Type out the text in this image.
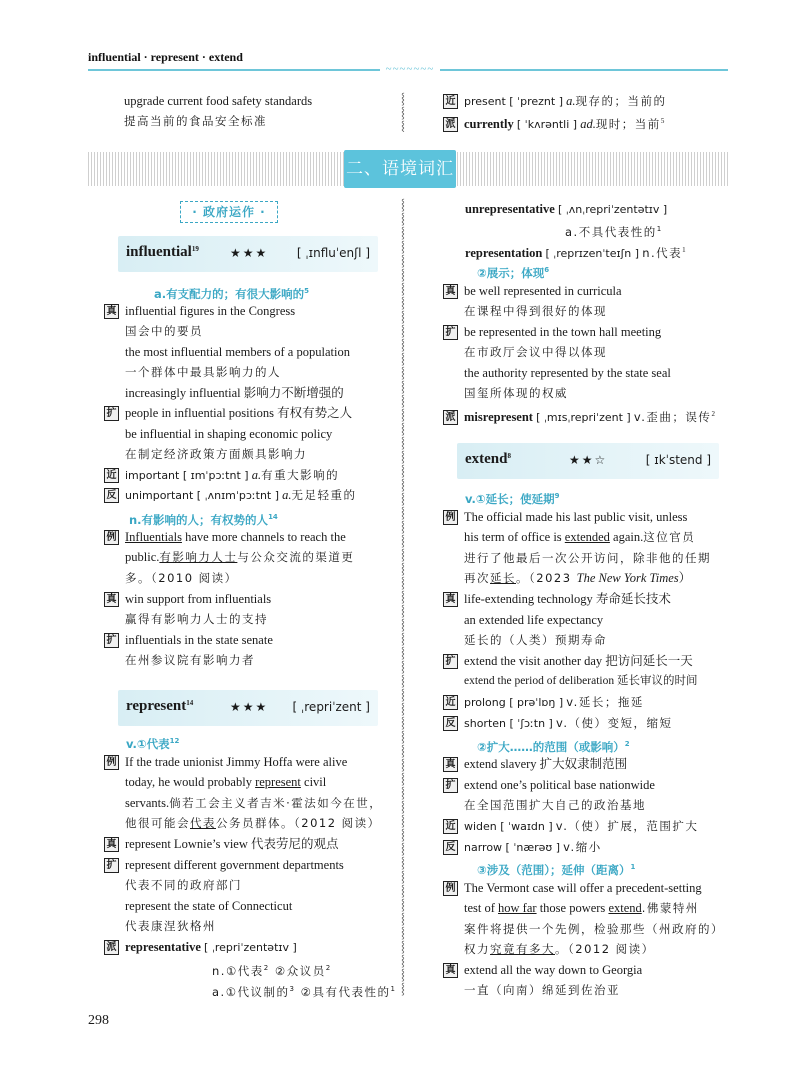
influential · represent · extend
~~~~~~~
upgrade current food safety standards
提高当前的食品安全标准
近 present [ ˈpreznt ] a.现存的；当前的
派 currently [ ˈkʌrəntli ] ad.现时；当前$^5$
⸾
⸾
⸾
二、语境词汇
⸾
⸾
⸾
⸾
⸾
⸾
⸾
⸾
⸾
⸾
⸾
⸾
⸾
⸾
⸾
⸾
⸾
⸾
⸾
⸾
⸾
⸾
⸾
⸾
⸾
⸾
⸾
⸾
⸾
⸾
⸾
⸾
⸾
⸾
⸾
⸾
⸾
⸾
⸾
⸾
⸾
⸾
⸾
⸾
⸾
⸾
⸾
⸾
⸾
⸾
⸾
⸾
⸾
⸾
⸾
⸾
⸾
· 政府运作 ·
influential$^{19}$	★★★ [ ˌɪnfluˈenʃl ]
a.有支配力的；有很大影响的$^5$
真 influential figures in the Congress
国会中的要员
the most influential members of a population
一个群体中最具影响力的人
increasingly influential 影响力不断增强的
扩 people in influential positions 有权有势之人
be influential in shaping economic policy
在制定经济政策方面颇具影响力
近 important [ ɪmˈpɔːtnt ] a.有重大影响的
反 unimportant [ ˌʌnɪmˈpɔːtnt ] a.无足轻重的
n.有影响的人；有权势的人$^{14}$
例 Influentials have more channels to reach the
public.有影响力人士与公众交流的渠道更
多。（2010 阅读）
真 win support from influentials
赢得有影响力人士的支持
扩 influentials in the state senate
在州参议院有影响力者
represent$^{14}$	★★★ [ ˌrepriˈzent ]
v.①代表$^{12}$
例 If the trade unionist Jimmy Hoffa were alive
today, he would probably represent civil
servants.倘若工会主义者吉米·霍法如今在世，
他很可能会代表公务员群体。（2012 阅读）
真 represent Lownie’s view 代表劳尼的观点
扩 represent different government departments
代表不同的政府部门
represent the state of Connecticut
代表康涅狄格州
派 representative [ ˌrepriˈzentətɪv ]
n.①代表$^2$ ②众议员$^2$
a.①代议制的$^3$ ②具有代表性的$^1$
unrepresentative [ ˌʌnˌrepriˈzentətɪv ]
a.不具代表性的$^1$
representation [ ˌreprɪzenˈteɪʃn ] n.代表$^1$
②展示；体现$^6$
真 be well represented in curricula
在课程中得到很好的体现
扩 be represented in the town hall meeting
在市政厅会议中得以体现
the authority represented by the state seal
国玺所体现的权威
派 misrepresent [ ˌmɪsˌrepriˈzent ] v.歪曲；误传$^2$
extend$^8$	★★☆	[ ɪkˈstend ]
v.①延长；使延期$^9$
例 The official made his last public visit, unless
his term of office is extended again.这位官员
进行了他最后一次公开访问，除非他的任期
再次延长。（2023 The New York Times）
真 life-extending technology 寿命延长技术
an extended life expectancy
延长的（人类）预期寿命
扩 extend the visit another day 把访问延长一天
extend the period of deliberation 延长审议的时间
近 prolong [ prəˈlɒŋ ] v.延长；拖延
反 shorten [ ˈʃɔːtn ] v.（使）变短，缩短
②扩大……的范围（或影响）$^2$
真 extend slavery 扩大奴隶制范围
扩 extend one’s political base nationwide
在全国范围扩大自己的政治基地
近 widen [ ˈwaɪdn ] v.（使）扩展，范围扩大
反 narrow [ ˈnærəʊ ] v.缩小
③涉及（范围）；延伸（距离）$^1$
例 The Vermont case will offer a precedent-setting
test of how far those powers extend.佛蒙特州
案件将提供一个先例，检验那些（州政府的）
权力究竟有多大。（2012 阅读）
真 extend all the way down to Georgia
一直（向南）绵延到佐治亚
298
